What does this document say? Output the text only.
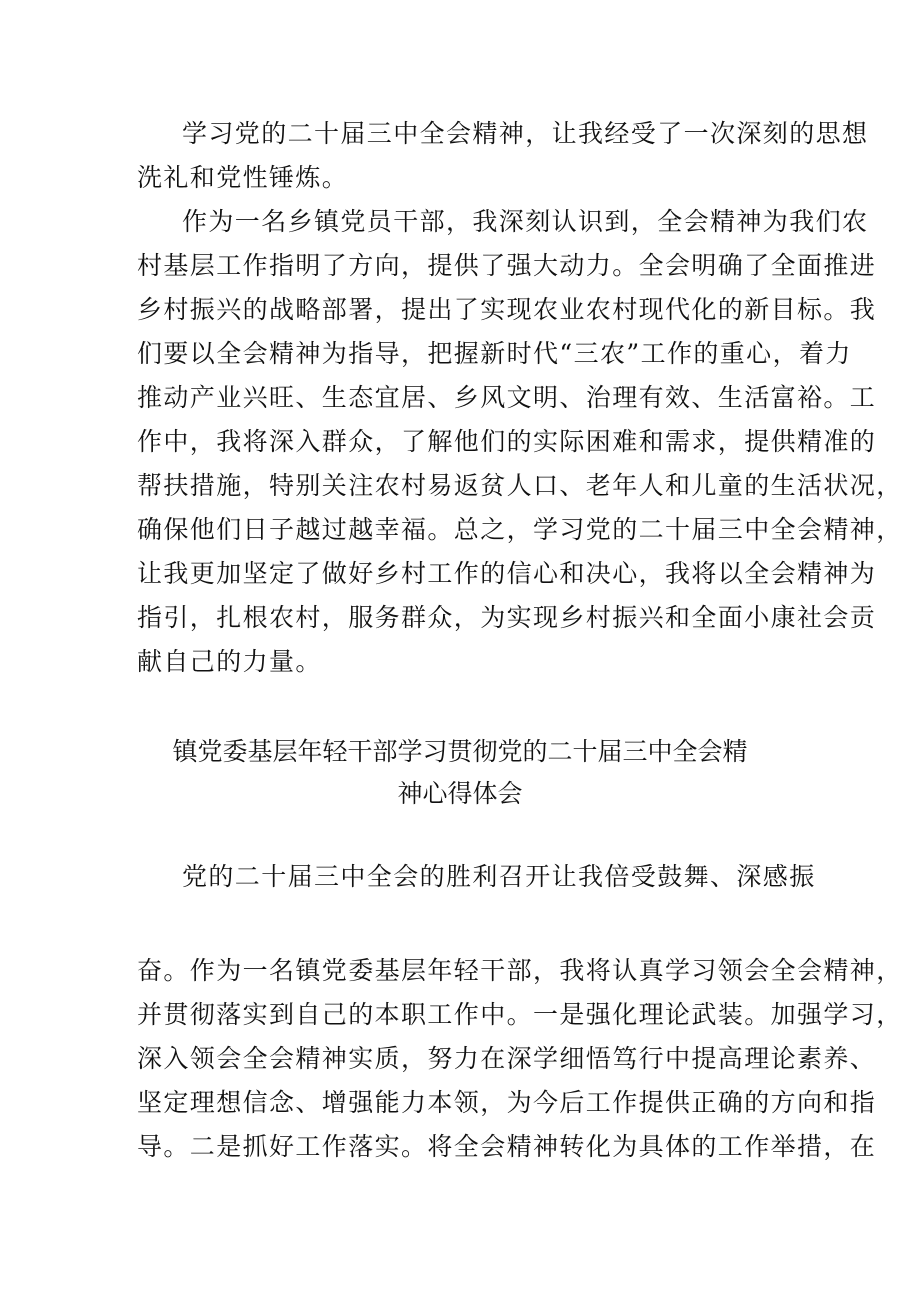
学习党的二十届三中全会精神，让我经受了一次深刻的思想
洗礼和党性锤炼。
作为一名乡镇党员干部，我深刻认识到，全会精神为我们农
村基层工作指明了方向，提供了强大动力。全会明确了全面推进
乡村振兴的战略部署，提出了实现农业农村现代化的新目标。我
们要以全会精神为指导，把握新时代“三农”工作的重心，着力
推动产业兴旺、生态宜居、乡风文明、治理有效、生活富裕。工
作中，我将深入群众，了解他们的实际困难和需求，提供精准的
帮扶措施，特别关注农村易返贫人口、老年人和儿童的生活状况，
确保他们日子越过越幸福。总之，学习党的二十届三中全会精神，
让我更加坚定了做好乡村工作的信心和决心，我将以全会精神为
指引，扎根农村，服务群众，为实现乡村振兴和全面小康社会贡
献自己的力量。
镇党委基层年轻干部学习贯彻党的二十届三中全会精
神心得体会
党的二十届三中全会的胜利召开让我倍受鼓舞、深感振
奋。作为一名镇党委基层年轻干部，我将认真学习领会全会精神，
并贯彻落实到自己的本职工作中。一是强化理论武装。加强学习，
深入领会全会精神实质，努力在深学细悟笃行中提高理论素养、
坚定理想信念、增强能力本领，为今后工作提供正确的方向和指
导。二是抓好工作落实。将全会精神转化为具体的工作举措，在
